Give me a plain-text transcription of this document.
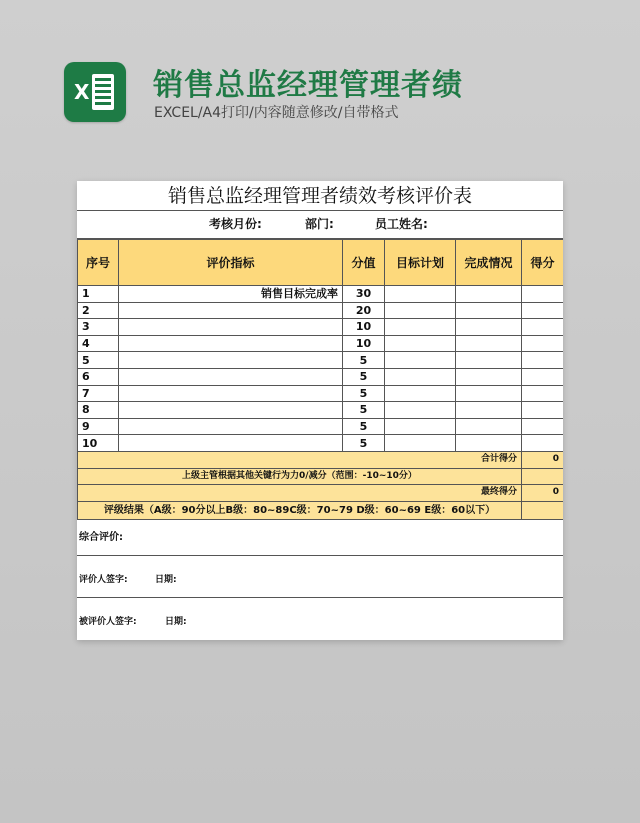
X 销售总监经理管理者绩
EXCEL/A4打印/内容随意修改/自带格式
销售总监经理管理者绩效考核评价表
考核月份:	部门:	员工姓名:
序号	评价指标	分值	目标计划	完成情况	得分
1	销售目标完成率	30			
2		20			
3		10			
4		10			
5		5			
6		5			
7		5			
8		5			
9		5			
10		5			
合计得分					0
上级主管根据其他关键行为力0/减分（范围：-10~10分）					
最终得分					0
评级结果（A级：90分以上B级：80~89C级：70~79 D级：60~69 E级：60以下）					
综合评价:
评价人签字:	日期:
被评价人签字:	日期:
